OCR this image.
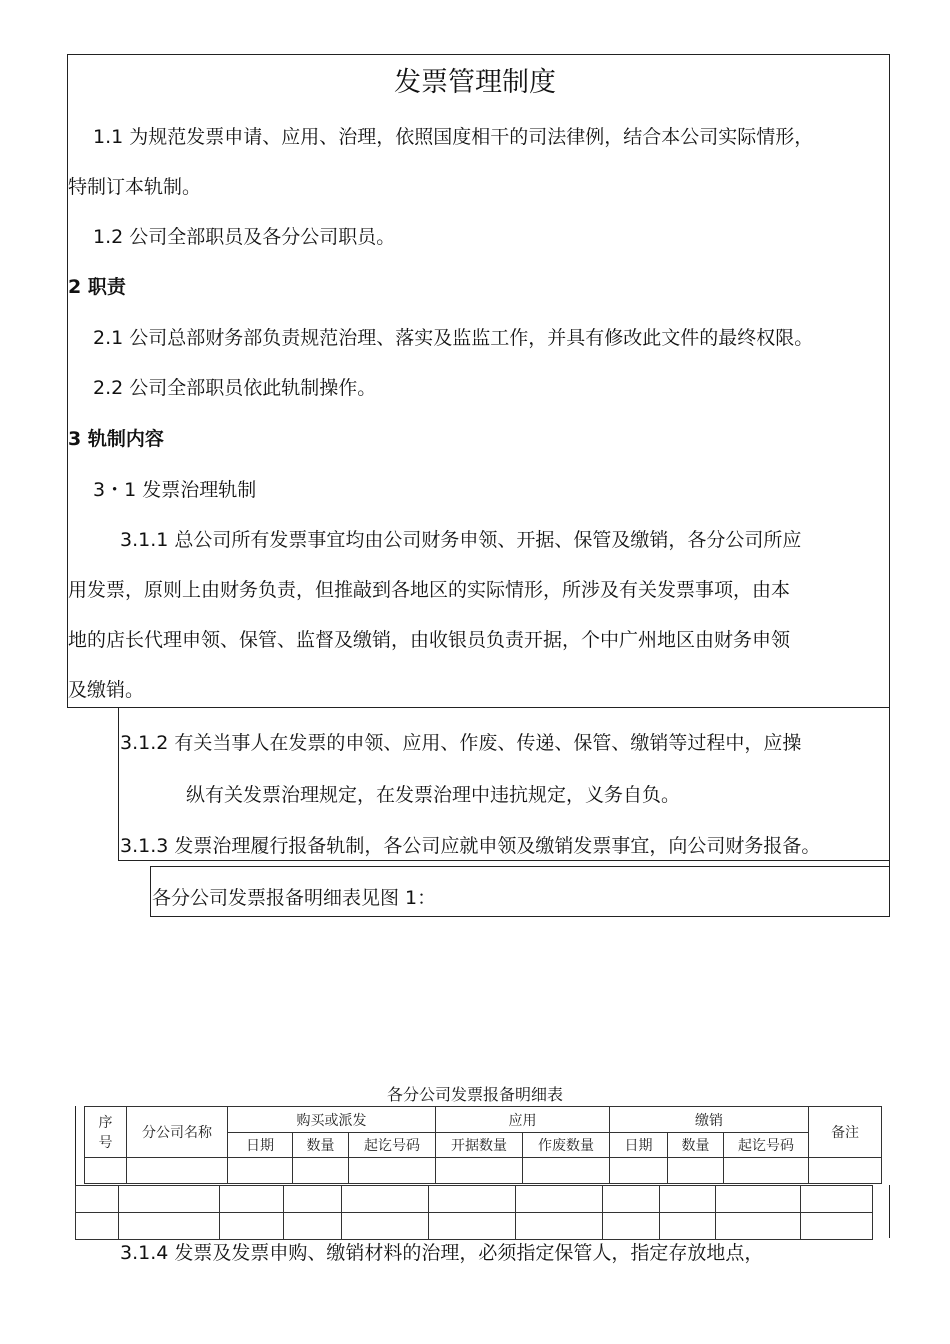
发票管理制度
1.1 为规范发票申请、应用、治理，依照国度相干的司法律例，结合本公司实际情形，
特制订本轨制。
1.2 公司全部职员及各分公司职员。
2 职责
2.1 公司总部财务部负责规范治理、落实及监监工作，并具有修改此文件的最终权限。
2.2 公司全部职员依此轨制操作。
3 轨制内容
3・1 发票治理轨制
3.1.1 总公司所有发票事宜均由公司财务申领、开据、保管及缴销，各分公司所应
用发票，原则上由财务负责，但推敲到各地区的实际情形，所涉及有关发票事项，由本
地的店长代理申领、保管、监督及缴销，由收银员负责开据，个中广州地区由财务申领
及缴销。
3.1.2 有关当事人在发票的申领、应用、作废、传递、保管、缴销等过程中，应操
纵有关发票治理规定，在发票治理中违抗规定，义务自负。
3.1.3 发票治理履行报备轨制，各公司应就申领及缴销发票事宜，向公司财务报备。
各分公司发票报备明细表见图 1：
各分公司发票报备明细表
序
号	分公司名称	购买或派发			应用		缴销			备注
		日期	数量	起讫号码	开据数量	作废数量	日期	数量	起讫号码	

3.1.4 发票及发票申购、缴销材料的治理，必须指定保管人，指定存放地点，
